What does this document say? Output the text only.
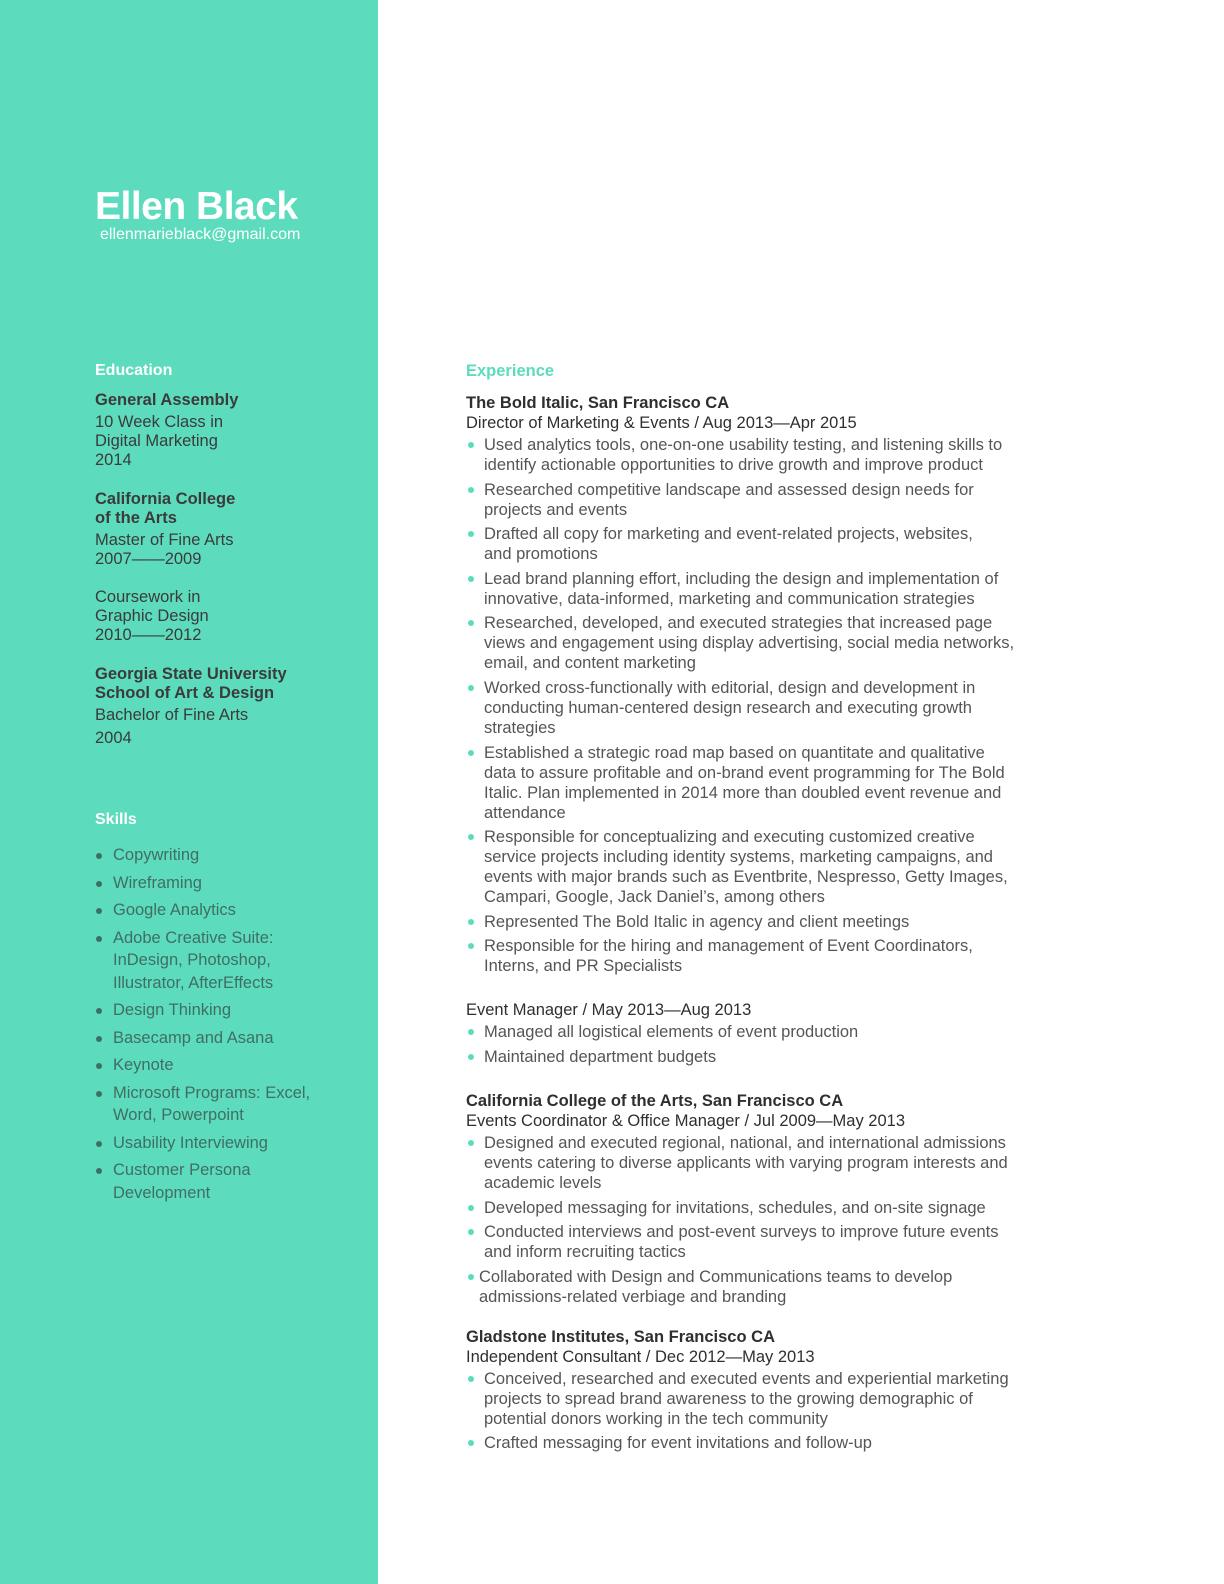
Ellen Black
ellenmarieblack@gmail.com
Education
General Assembly
10 Week Class in
Digital Marketing
2014
California College
of the Arts
Master of Fine Arts
2007——2009
Coursework in
Graphic Design
2010——2012
Georgia State University
School of Art & Design
Bachelor of Fine Arts
2004
Skills
Copywriting
Wireframing
Google Analytics
Adobe Creative Suite:
InDesign, Photoshop,
Illustrator, AfterEffects
Design Thinking
Basecamp and Asana
Keynote
Microsoft Programs: Excel,
Word, Powerpoint
Usability Interviewing
Customer Persona
Development
Experience
The Bold Italic, San Francisco CA
Director of Marketing & Events / Aug 2013—Apr 2015
Used analytics tools, one-on-one usability testing, and listening skills to
identify actionable opportunities to drive growth and improve product
Researched competitive landscape and assessed design needs for
projects and events
Drafted all copy for marketing and event-related projects, websites,
and promotions
Lead brand planning effort, including the design and implementation of
innovative, data-informed, marketing and communication strategies
Researched, developed, and executed strategies that increased page
views and engagement using display advertising, social media networks,
email, and content marketing
Worked cross-functionally with editorial, design and development in
conducting human-centered design research and executing growth
strategies
Established a strategic road map based on quantitate and qualitative
data to assure profitable and on-brand event programming for The Bold
Italic. Plan implemented in 2014 more than doubled event revenue and
attendance
Responsible for conceptualizing and executing customized creative
service projects including identity systems, marketing campaigns, and
events with major brands such as Eventbrite, Nespresso, Getty Images,
Campari, Google, Jack Daniel’s, among others
Represented The Bold Italic in agency and client meetings
Responsible for the hiring and management of Event Coordinators,
Interns, and PR Specialists
Event Manager / May 2013—Aug 2013
Managed all logistical elements of event production
Maintained department budgets
California College of the Arts, San Francisco CA
Events Coordinator & Office Manager / Jul 2009—May 2013
Designed and executed regional, national, and international admissions
events catering to diverse applicants with varying program interests and
academic levels
Developed messaging for invitations, schedules, and on-site signage
Conducted interviews and post-event surveys to improve future events
and inform recruiting tactics
Collaborated with Design and Communications teams to develop
admissions-related verbiage and branding
Gladstone Institutes, San Francisco CA
Independent Consultant / Dec 2012—May 2013
Conceived, researched and executed events and experiential marketing
projects to spread brand awareness to the growing demographic of
potential donors working in the tech community
Crafted messaging for event invitations and follow-up
